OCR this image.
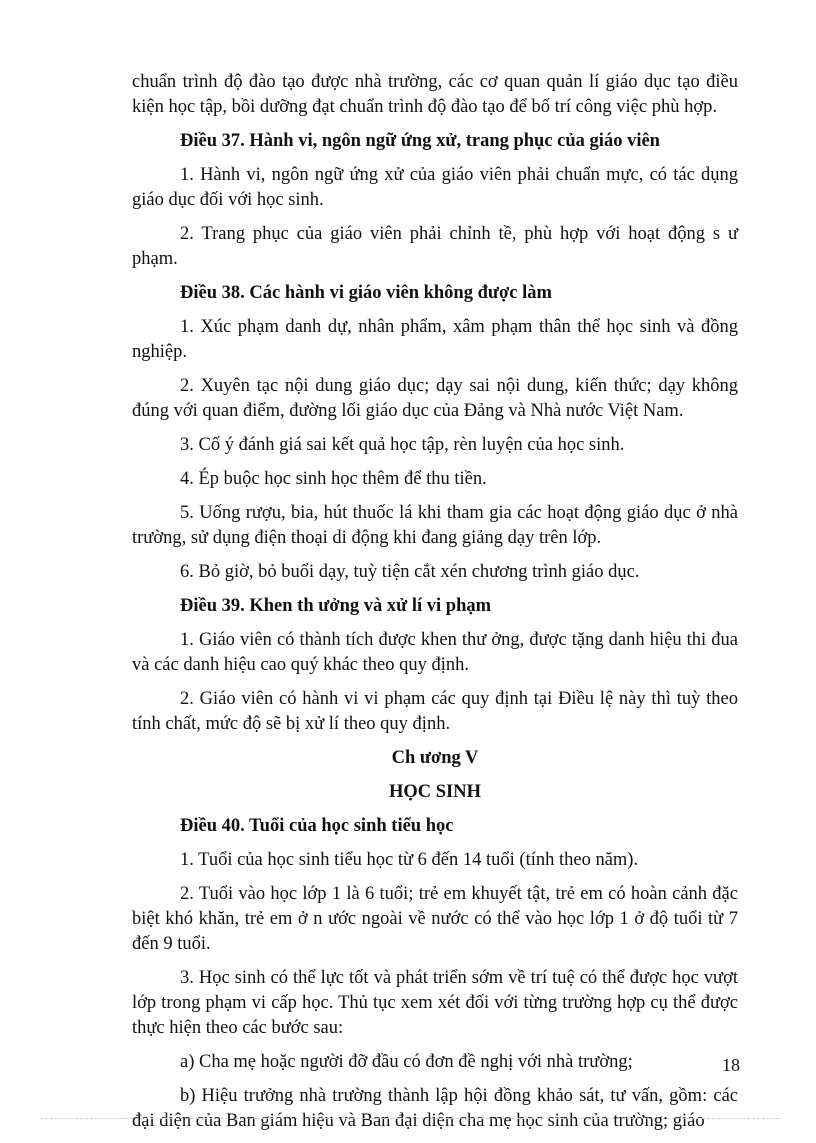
chuẩn trình độ đào tạo được nhà trường, các cơ quan quản lí giáo dục tạo điều kiện học tập, bồi dưỡng đạt chuẩn trình độ đào tạo để bố trí công việc phù hợp.

Điều 37. Hành vi, ngôn ngữ ứng xử, trang phục của giáo viên

1. Hành vi, ngôn ngữ ứng xử của giáo viên phải chuẩn mực, có tác dụng giáo dục đối với học sinh.

2. Trang phục của giáo viên phải chỉnh tề, phù hợp với hoạt động s ư phạm.

Điều 38. Các hành vi giáo viên không được làm

1. Xúc phạm danh dự, nhân phẩm, xâm phạm thân thể học sinh và đồng nghiệp.

2. Xuyên tạc nội dung giáo dục; dạy sai nội dung, kiến thức; dạy không đúng với quan điểm, đường lối giáo dục của Đảng và Nhà nước Việt Nam.

3. Cố ý đánh giá sai kết quả học tập, rèn luyện của học sinh.

4. Ép buộc học sinh học thêm để thu tiền.

5. Uống rượu, bia, hút thuốc lá khi tham gia các hoạt động giáo dục ở nhà trường, sử dụng điện thoại di động khi đang giảng dạy trên lớp.

6. Bỏ giờ, bỏ buổi dạy, tuỳ tiện cắt xén chương trình giáo dục.

Điều 39. Khen th ưởng và xử lí vi phạm

1. Giáo viên có thành tích được khen thư ởng, được tặng danh hiệu thi đua và các danh hiệu cao quý khác theo quy định.

2. Giáo viên có hành vi vi phạm các quy định tại Điều lệ này thì tuỳ theo tính chất, mức độ sẽ bị xử lí theo quy định.

Ch ương V

HỌC SINH

Điều 40. Tuổi của học sinh tiểu học

1. Tuổi của học sinh tiểu học từ 6 đến 14 tuổi (tính theo năm).

2. Tuổi vào học lớp 1 là 6 tuổi; trẻ em khuyết tật, trẻ em có hoàn cảnh đặc biệt khó khăn, trẻ em ở n ước ngoài về nước có thể vào học lớp 1 ở độ tuổi từ 7 đến 9 tuổi.

3. Học sinh có thể lực tốt và phát triển sớm về trí tuệ có thể được học vượt lớp trong phạm vi cấp học. Thủ tục xem xét đối với từng trường hợp cụ thể được thực hiện theo các bước sau:

a) Cha mẹ hoặc người đỡ đầu có đơn đề nghị với nhà trường;

b) Hiệu trưởng nhà trường thành lập hội đồng khảo sát, tư vấn, gồm: các đại diện của Ban giám hiệu và Ban đại diện cha mẹ học sinh của trường; giáo

18
